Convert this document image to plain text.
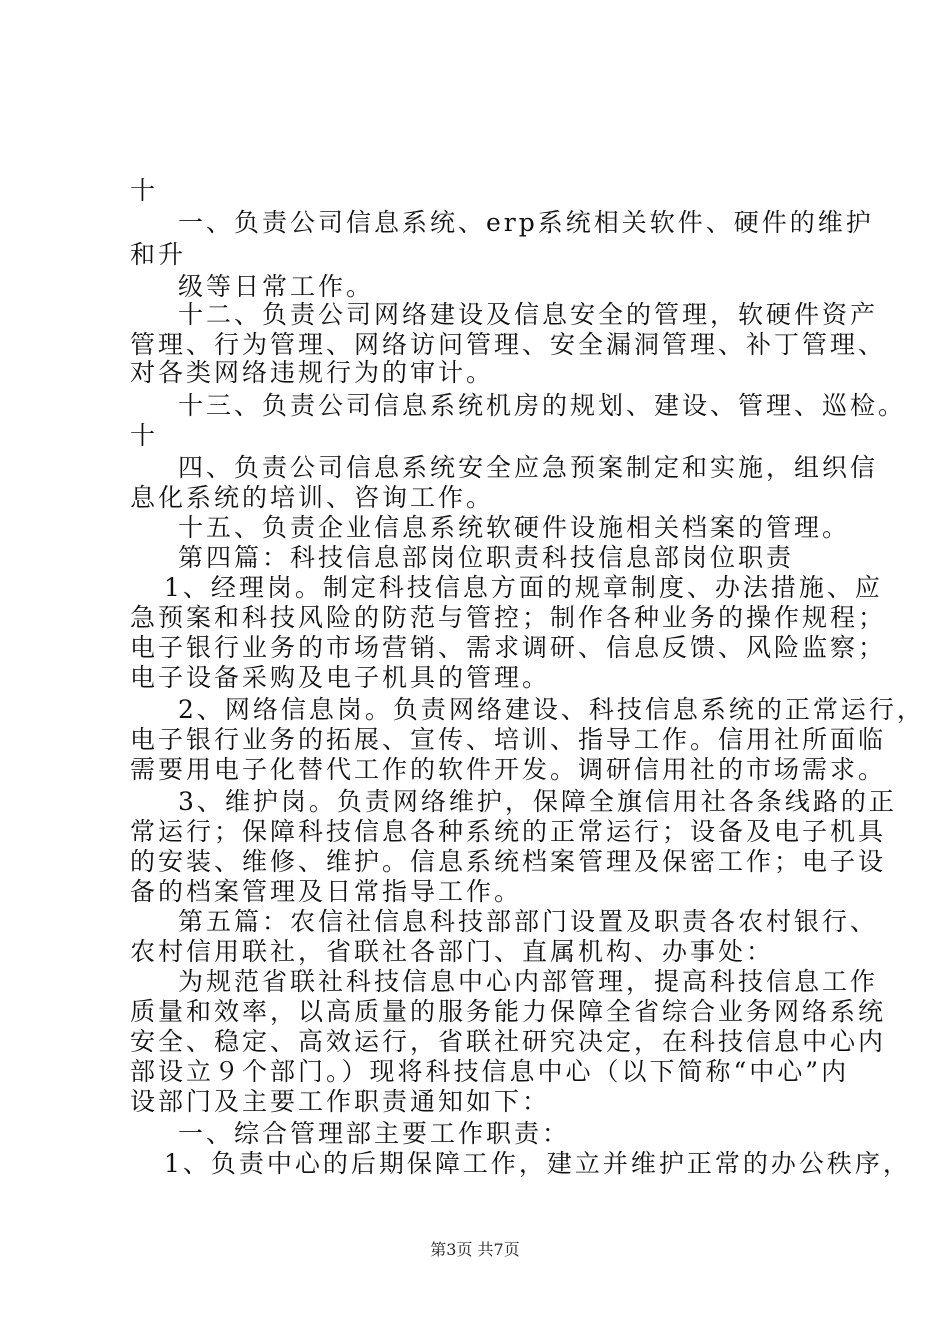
十
一、负责公司信息系统、erp系统相关软件、硬件的维护
和升
级等日常工作。
十二、负责公司网络建设及信息安全的管理，软硬件资产
管理、行为管理、网络访问管理、安全漏洞管理、补丁管理、
对各类网络违规行为的审计。
十三、负责公司信息系统机房的规划、建设、管理、巡检。
十
四、负责公司信息系统安全应急预案制定和实施，组织信
息化系统的培训、咨询工作。
十五、负责企业信息系统软硬件设施相关档案的管理。
第四篇：科技信息部岗位职责科技信息部岗位职责
1、经理岗。制定科技信息方面的规章制度、办法措施、应
急预案和科技风险的防范与管控；制作各种业务的操作规程；
电子银行业务的市场营销、需求调研、信息反馈、风险监察；
电子设备采购及电子机具的管理。
2、网络信息岗。负责网络建设、科技信息系统的正常运行，
电子银行业务的拓展、宣传、培训、指导工作。信用社所面临
需要用电子化替代工作的软件开发。调研信用社的市场需求。
3、维护岗。负责网络维护，保障全旗信用社各条线路的正
常运行；保障科技信息各种系统的正常运行；设备及电子机具
的安装、维修、维护。信息系统档案管理及保密工作；电子设
备的档案管理及日常指导工作。
第五篇：农信社信息科技部部门设置及职责各农村银行、
农村信用联社，省联社各部门、直属机构、办事处：
为规范省联社科技信息中心内部管理，提高科技信息工作
质量和效率，以高质量的服务能力保障全省综合业务网络系统
安全、稳定、高效运行，省联社研究决定，在科技信息中心内
部设立９个部门。）现将科技信息中心（以下简称“中心”内
设部门及主要工作职责通知如下：
一、综合管理部主要工作职责：
1、负责中心的后期保障工作，建立并维护正常的办公秩序，
第3页 共7页
